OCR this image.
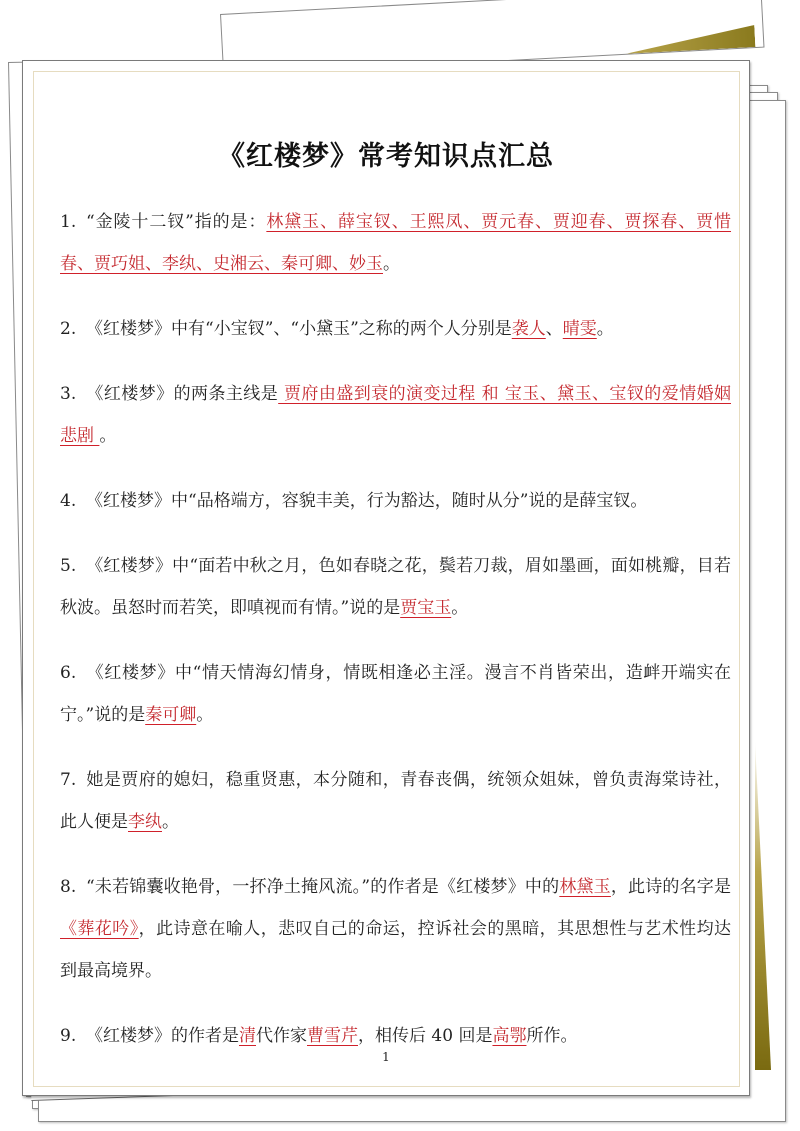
《红楼梦》常考知识点汇总
1. “金陵十二钗”指的是：林黛玉、薛宝钗、王熙凤、贾元春、贾迎春、贾探春、贾惜春、贾巧姐、李纨、史湘云、秦可卿、妙玉。
2. 《红楼梦》中有“小宝钗”、“小黛玉”之称的两个人分别是袭人、晴雯。
3. 《红楼梦》的两条主线是 贾府由盛到衰的演变过程 和 宝玉、黛玉、宝钗的爱情婚姻悲剧 。
4. 《红楼梦》中“品格端方，容貌丰美，行为豁达，随时从分”说的是薛宝钗。
5. 《红楼梦》中“面若中秋之月，色如春晓之花，鬓若刀裁，眉如墨画，面如桃瓣，目若秋波。虽怒时而若笑，即嗔视而有情。”说的是贾宝玉。
6. 《红楼梦》中“情天情海幻情身，情既相逢必主淫。漫言不肖皆荣出，造衅开端实在宁。”说的是秦可卿。
7. 她是贾府的媳妇，稳重贤惠，本分随和，青春丧偶，统领众姐妹，曾负责海棠诗社，此人便是李纨。
8. “未若锦囊收艳骨，一抔净土掩风流。”的作者是《红楼梦》中的林黛玉，此诗的名字是《葬花吟》，此诗意在喻人，悲叹自己的命运，控诉社会的黑暗，其思想性与艺术性均达到最高境界。
9. 《红楼梦》的作者是清代作家曹雪芹，相传后 40 回是高鄂所作。
1
